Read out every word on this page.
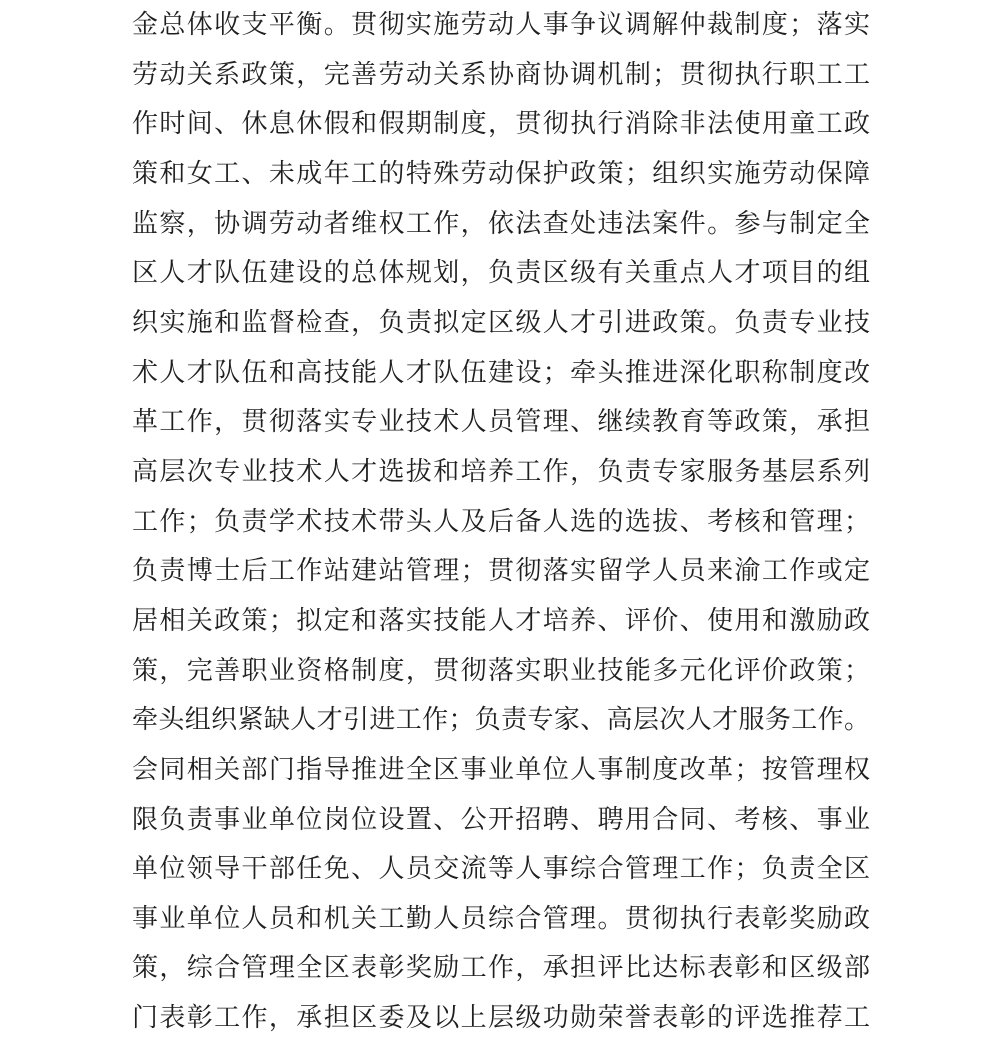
金总体收支平衡。贯彻实施劳动人事争议调解仲裁制度；落实
劳动关系政策，完善劳动关系协商协调机制；贯彻执行职工工
作时间、休息休假和假期制度，贯彻执行消除非法使用童工政
策和女工、未成年工的特殊劳动保护政策；组织实施劳动保障
监察，协调劳动者维权工作，依法查处违法案件。参与制定全
区人才队伍建设的总体规划，负责区级有关重点人才项目的组
织实施和监督检查，负责拟定区级人才引进政策。负责专业技
术人才队伍和高技能人才队伍建设；牵头推进深化职称制度改
革工作，贯彻落实专业技术人员管理、继续教育等政策，承担
高层次专业技术人才选拔和培养工作，负责专家服务基层系列
工作；负责学术技术带头人及后备人选的选拔、考核和管理；
负责博士后工作站建站管理；贯彻落实留学人员来渝工作或定
居相关政策；拟定和落实技能人才培养、评价、使用和激励政
策，完善职业资格制度，贯彻落实职业技能多元化评价政策；
牵头组织紧缺人才引进工作；负责专家、高层次人才服务工作。
会同相关部门指导推进全区事业单位人事制度改革；按管理权
限负责事业单位岗位设置、公开招聘、聘用合同、考核、事业
单位领导干部任免、人员交流等人事综合管理工作；负责全区
事业单位人员和机关工勤人员综合管理。贯彻执行表彰奖励政
策，综合管理全区表彰奖励工作，承担评比达标表彰和区级部
门表彰工作，承担区委及以上层级功勋荣誉表彰的评选推荐工
